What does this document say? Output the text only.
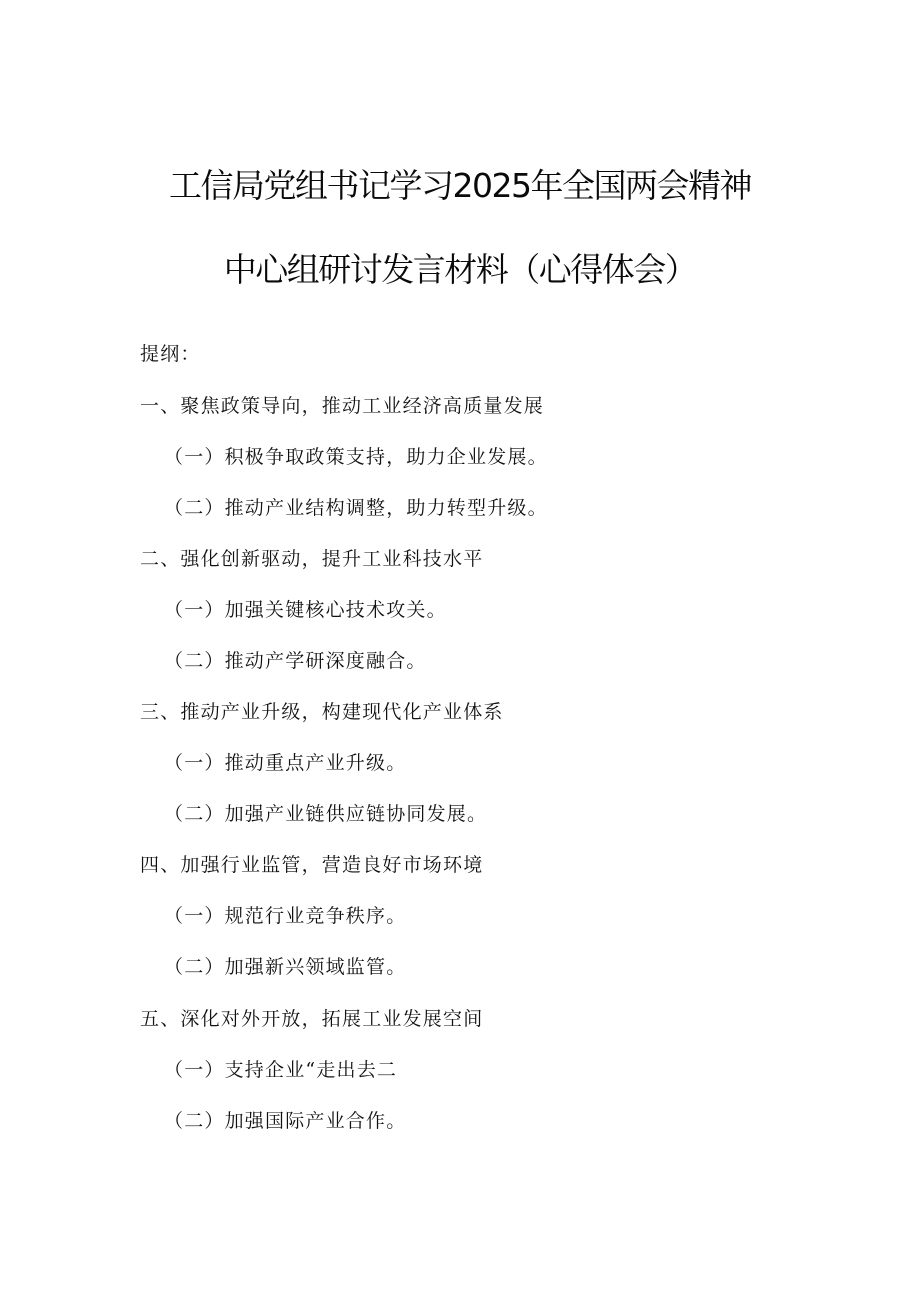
工信局党组书记学习2025年全国两会精神
中心组研讨发言材料（心得体会）
提纲：
一、聚焦政策导向，推动工业经济高质量发展
（一）积极争取政策支持，助力企业发展。
（二）推动产业结构调整，助力转型升级。
二、强化创新驱动，提升工业科技水平
（一）加强关键核心技术攻关。
（二）推动产学研深度融合。
三、推动产业升级，构建现代化产业体系
（一）推动重点产业升级。
（二）加强产业链供应链协同发展。
四、加强行业监管，营造良好市场环境
（一）规范行业竞争秩序。
（二）加强新兴领域监管。
五、深化对外开放，拓展工业发展空间
（一）支持企业“走出去二
（二）加强国际产业合作。
